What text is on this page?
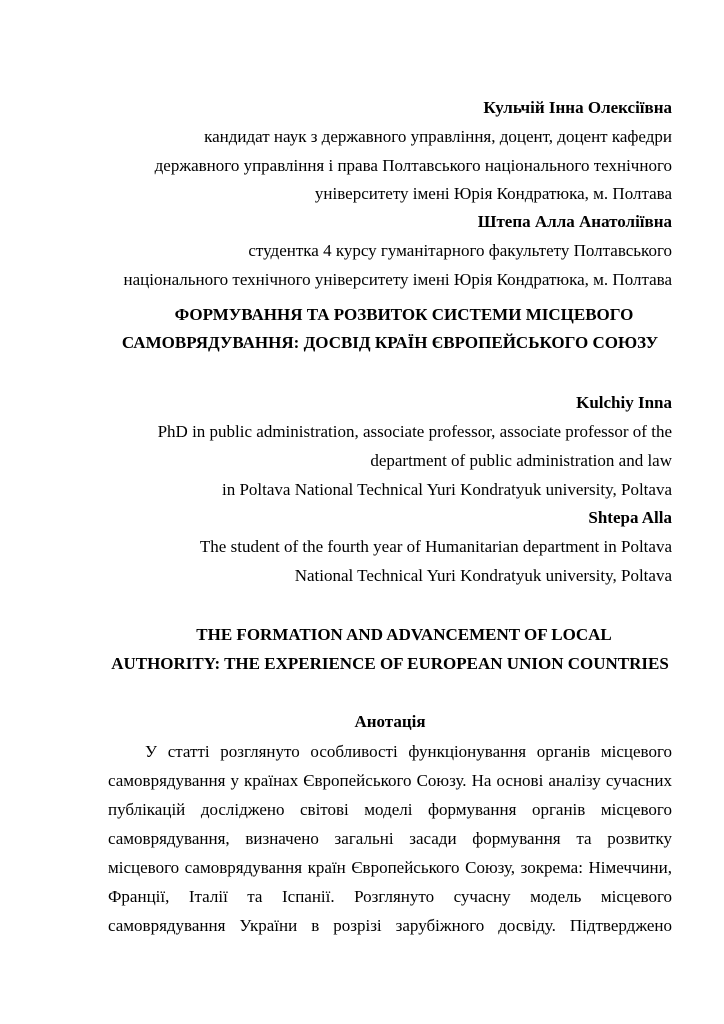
Кульчій Інна Олексіївна
кандидат наук з державного управління, доцент, доцент кафедри
державного управління і права Полтавського національного технічного
університету імені Юрія Кондратюка, м. Полтава
Штепа Алла Анатоліївна
студентка 4 курсу гуманітарного факультету Полтавського
національного технічного університету імені Юрія Кондратюка, м. Полтава
ФОРМУВАННЯ ТА РОЗВИТОК СИСТЕМИ МІСЦЕВОГО
САМОВРЯДУВАННЯ: ДОСВІД КРАЇН ЄВРОПЕЙСЬКОГО СОЮЗУ
Kulchiy Inna
PhD in public administration, associate professor, associate professor of the
department of public administration and law
in Poltava National Technical Yuri Kondratyuk university, Poltava
Shtepa Alla
The student of the fourth year of Humanitarian department in Poltava
National Technical Yuri Kondratyuk university, Poltava
THE FORMATION AND ADVANCEMENT OF LOCAL
AUTHORITY: THE EXPERIENCE OF EUROPEAN UNION COUNTRIES
Анотація
У статті розглянуто особливості функціонування органів місцевого
самоврядування у країнах Європейського Союзу. На основі аналізу сучасних
публікацій досліджено світові моделі формування органів місцевого
самоврядування, визначено загальні засади формування та розвитку
місцевого самоврядування країн Європейського Союзу, зокрема: Німеччини,
Франції, Італії та Іспанії. Розглянуто сучасну модель місцевого
самоврядування України в розрізі зарубіжного досвіду. Підтверджено
